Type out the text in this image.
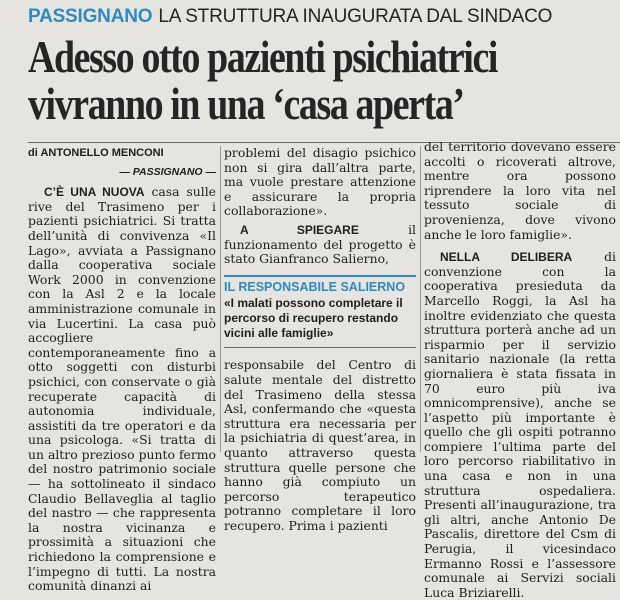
PASSIGNANO LA STRUTTURA INAUGURATA DAL SINDACO
Adesso otto pazienti psichiatrici
vivranno in una ‘casa aperta’
di ANTONELLO MENCONI
— PASSIGNANO —

C’È UNA NUOVA casa sulle rive del Trasimeno per i pazienti psichiatrici. Si tratta dell’unità di convivenza «Il Lago», avviata a Passignano dalla cooperativa sociale Work 2000 in convenzione con la Asl 2 e la locale amministrazione comunale in via Lucertini. La casa può accogliere contemporaneamente fino a otto soggetti con disturbi psichici, con conservate o già recuperate capacità di autonomia individuale, assistiti da tre operatori e da una psicologa. «Si tratta di un altro prezioso punto fermo del nostro patrimonio sociale — ha sottolineato il sindaco Claudio Bellaveglia al taglio del nastro — che rappresenta la nostra vicinanza e prossimità a situazioni che richiedono la comprensione e l’impegno di tutti. La nostra comunità dinanzi ai

problemi del disagio psichico non si gira dall’altra parte, ma vuole prestare attenzione e assicurare la propria collaborazione».

A SPIEGARE	il funzionamento del progetto è stato Gianfranco Salierno,

IL RESPONSABILE SALIERNO
«I malati possono completare il percorso di recupero restando vicini alle famiglie»

responsabile del Centro di salute mentale del distretto del Trasimeno della stessa Asl, confermando che «questa struttura era necessaria per la psichiatria di quest’area, in quanto attraverso questa struttura quelle persone che hanno già compiuto un percorso terapeutico potranno completare il loro recupero. Prima i pazienti

del territorio dovevano essere accolti o ricoverati altrove, mentre ora possono riprendere la loro vita nel tessuto sociale di provenienza, dove vivono anche le loro famiglie».

NELLA DELIBERA	di convenzione con la cooperativa presieduta da Marcello Roggi, la Asl ha inoltre evidenziato che questa struttura porterà anche ad un risparmio per il servizio sanitario nazionale (la retta giornaliera è stata fissata in 70 euro più iva omnicomprensive), anche se l’aspetto più importante è quello che gli ospiti potranno compiere l’ultima parte del loro percorso riabilitativo in una casa e non in una struttura ospedaliera. Presenti all’inaugurazione, tra gli altri, anche Antonio De Pascalis, direttore del Csm di Perugia, il vicesindaco Ermanno Rossi e l’assessore comunale ai Servizi sociali Luca Briziarelli.
